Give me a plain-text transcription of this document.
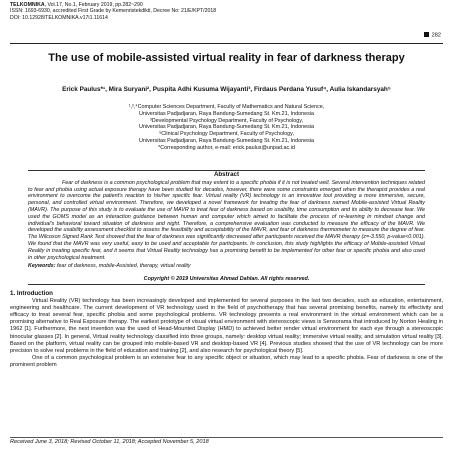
TELKOMNIKA, Vol.17, No.1, February 2019, pp.282~290
ISSN: 1693-6930, accredited First Grade by Kemenristekdikti, Decree No: 21/E/KPT/2018
DOI: 10.12928/TELKOMNIKA.v17i1.11614
282
The use of mobile-assisted virtual reality in fear of darkness therapy
Erick Paulus*¹, Mira Suryani², Puspita Adhi Kusuma Wijayanti³, Firdaus Perdana Yusuf⁴, Aulia Iskandarsyah⁵
¹,²,⁴Computer Sciences Department, Faculty of Mathematics and Natural Science,
Universitas Padjadjaran, Raya Bandung-Sumedang St. Km.21, Indonesia
³Developmental Psychology Department, Faculty of Psychology,
Universitas Padjadjaran, Raya Bandung-Sumedang St. Km.21, Indonesia
⁵Clinical Psychology Department, Faculty of Psychology,
Universitas Padjadjaran, Raya Bandung-Sumedang St. Km.21, Indonesia
*Corresponding author, e-mail: erick.paulus@unpad.ac.id
Abstract
Fear of darkness is a common psychological problem that may extent to a specific phobia if it is not treated well. Several intervention techniques related to fear and phobia using actual exposure therapy have been studied for decades, however, there were some constraints emerged when the therapist provides a real environment to overcome the patient's reaction to his/her specific fear. Virtual reality (VR) technology is an innovative tool providing a more immersive, secure, personal, and controlled virtual environment. Therefore, we developed a novel framework for treating the fear of darkness named Mobile-assisted Virtual Reality (MAVR). The purpose of this study is to evaluate the use of MAVR to treat fear of darkness based on usability, time consumption and its ability to decrease fear. We used the GOMS model as an interaction guidance between human and computer which aimed to facilitate the process of re-learning in mindset change and individual's behavioral toward situation of darkness and night. Therefore, a comprehensive evaluation was conducted to measure the efficacy of the MAVR. We developed the usability assessment checklist to assess the feasibility and acceptability of the MAVR, and fear of darkness thermometer to measure the degree of fear. The Wilcoxon Signed Rank Test showed that the fear of darkness was significantly decreased after participants received the MAVR therapy (z=-3.550, p-value<0.001). We found that the MAVR was very useful, easy to be used and acceptable for participants. In conclusion, this study highlights the efficacy of Mobile-assisted Virtual Reality in treating specific fear, and it seems that Virtual Reality technology has a promising benefit to be implemented for other fear or specific phobia and also used in other psychological treatment.
Keywords: fear of darkness, mobile-Assisted, therapy, virtual reality
Copyright © 2019 Universitas Ahmad Dahlan. All rights reserved.
1. Introduction

Virtual Reality (VR) technology has been increasingly developed and implemented for several purposes in the last two decades, such as education, entertainment, engineering and healthcare. The current development of VR technology used in the field of psychotherapy that has several promising benefits, namely its effectivity and efficacy to treat several fear, specific phobia and some psychological problems. VR technology presents a real environment in the virtual environment which can be a promising alternative to Real Exposure therapy. The earliest prototype of visual virtual environment with stereoscopic views is Sensorama that introduced by Norton Healing in 1962 [1]. Furthermore, the next invention was the used of Head-Mounted Display (HMD) to achieved better render virtual environment for each eye through a stereoscopic binocular glasses [2]. In general, Virtual reality technology classified into three groups, namely: desktop virtual reality; immersive virtual reality, and simulation virtual reality [3]. Based on the platform, virtual reality can be grouped into mobile-based VR and desktop-based VR [4]. Previous studies showed that the use of VR technology can be more precision to solve real problems in the field of education and training [2], and also research for psychological theory [5].

One of a common psychological problem is an extensive fear to any specific object or situation, which may lead to a specific phobia. Fear of darkness is one of the prominent problem

Received June 3, 2018; Revised October 11, 2018; Accepted November 5, 2018
